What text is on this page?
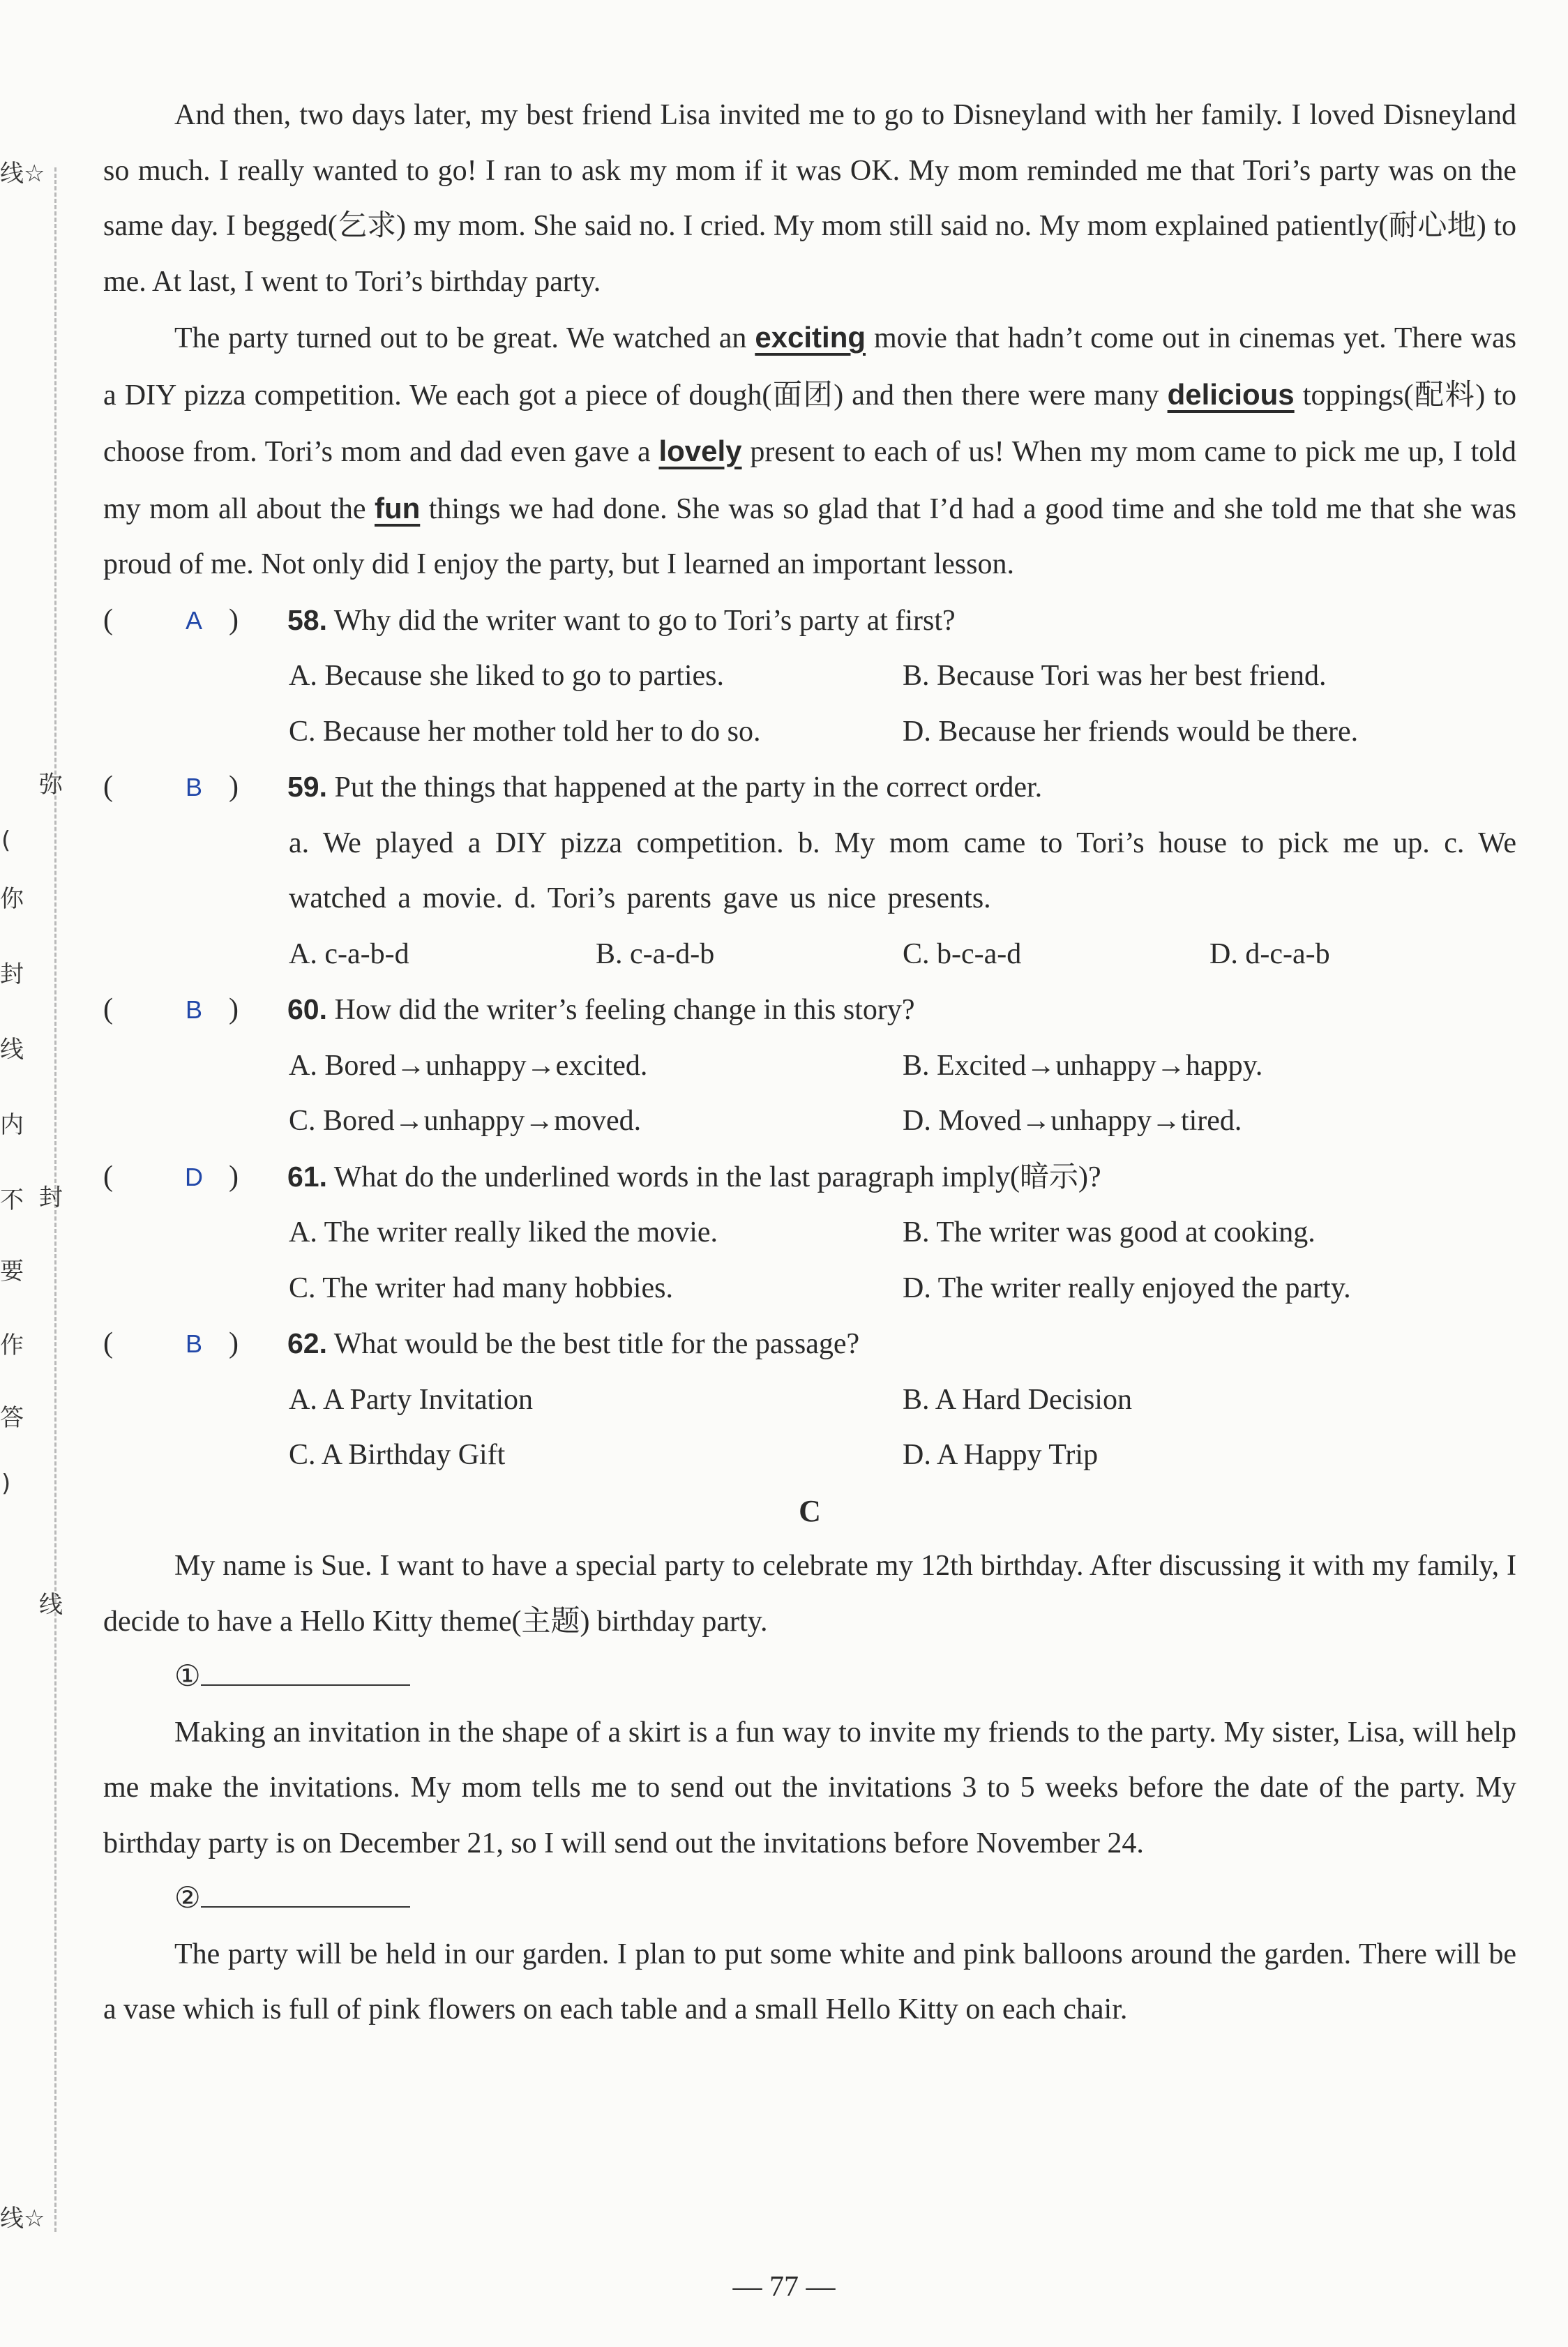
线☆
弥
(
你
封
线
内
不 封
要
作
答
)
线
线☆

And then, two days later, my best friend Lisa invited me to go to Disneyland with her family. I loved Disneyland so much. I really wanted to go! I ran to ask my mom if it was OK. My mom reminded me that Tori’s party was on the same day. I begged(乞求) my mom. She said no. I cried. My mom still said no. My mom explained patiently(耐心地) to me. At last, I went to Tori’s birthday party.

The party turned out to be great. We watched an exciting movie that hadn’t come out in cinemas yet. There was a DIY pizza competition. We each got a piece of dough(面团) and then there were many delicious toppings(配料) to choose from. Tori’s mom and dad even gave a lovely present to each of us! When my mom came to pick me up, I told my mom all about the fun things we had done. She was so glad that I’d had a good time and she told me that she was proud of me. Not only did I enjoy the party, but I learned an important lesson.

(	A ) 58. Why did the writer want to go to Tori’s party at first?
A. Because she liked to go to parties.	B. Because Tori was her best friend.
C. Because her mother told her to do so.	D. Because her friends would be there.
(	B ) 59. Put the things that happened at the party in the correct order.
a. We played a DIY pizza competition. b. My mom came to Tori’s house to pick me up. c. We watched a movie. d. Tori’s parents gave us nice presents.
A. c-a-b-d	B. c-a-d-b	C. b-c-a-d	D. d-c-a-b
(	B ) 60. How did the writer’s feeling change in this story?
A. Bored→unhappy→excited.	B. Excited→unhappy→happy.
C. Bored→unhappy→moved.	D. Moved→unhappy→tired.
(	D ) 61. What do the underlined words in the last paragraph imply(暗示)?
A. The writer really liked the movie.	B. The writer was good at cooking.
C. The writer had many hobbies.	D. The writer really enjoyed the party.
(	B ) 62. What would be the best title for the passage?
A. A Party Invitation	B. A Hard Decision
C. A Birthday Gift	D. A Happy Trip
C

My name is Sue. I want to have a special party to celebrate my 12th birthday. After discussing it with my family, I decide to have a Hello Kitty theme(主题) birthday party.

①

Making an invitation in the shape of a skirt is a fun way to invite my friends to the party. My sister, Lisa, will help me make the invitations. My mom tells me to send out the invitations 3 to 5 weeks before the date of the party. My birthday party is on December 21, so I will send out the invitations before November 24.

②

The party will be held in our garden. I plan to put some white and pink balloons around the garden. There will be a vase which is full of pink flowers on each table and a small Hello Kitty on each chair.

— 77 —
